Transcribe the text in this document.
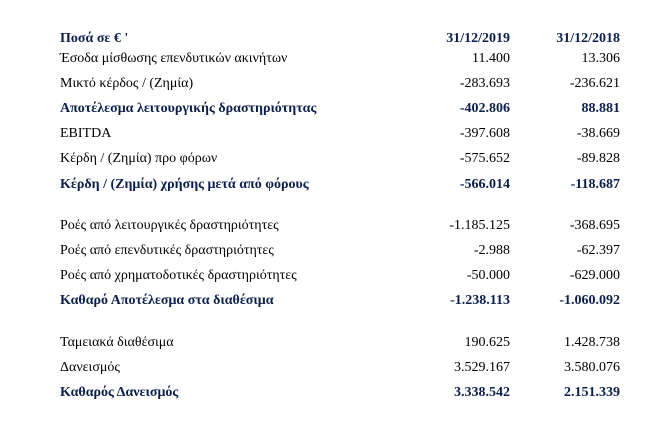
Ποσά σε € '	31/12/2019	31/12/2018
Έσοδα μίσθωσης επενδυτικών ακινήτων	11.400	13.306
Μικτό κέρδος / (Ζημία)	-283.693	-236.621
Αποτέλεσμα λειτουργικής δραστηριότητας	-402.806	88.881
EBITDA	-397.608	-38.669
Κέρδη / (Ζημία) προ φόρων	-575.652	-89.828
Κέρδη / (Ζημία) χρήσης μετά από φόρους	-566.014	-118.687
Ροές από λειτουργικές δραστηριότητες	-1.185.125	-368.695
Ροές από επενδυτικές δραστηριότητες	-2.988	-62.397
Ροές από χρηματοδοτικές δραστηριότητες	-50.000	-629.000
Καθαρό Αποτέλεσμα στα διαθέσιμα	-1.238.113	-1.060.092
Ταμειακά διαθέσιμα	190.625	1.428.738
Δανεισμός	3.529.167	3.580.076
Καθαρός Δανεισμός	3.338.542	2.151.339
